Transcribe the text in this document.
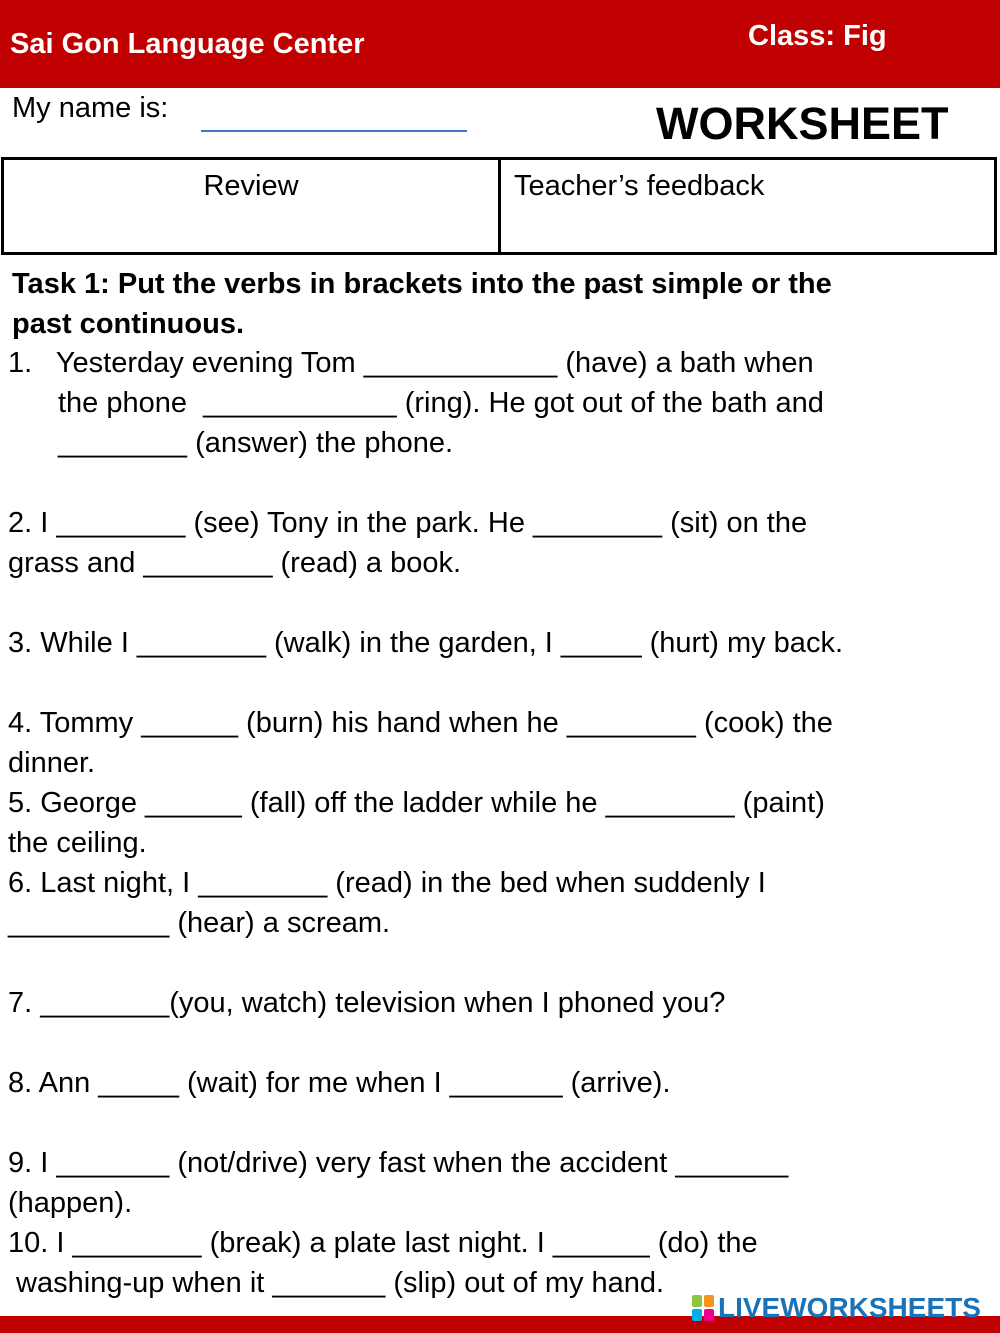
Sai Gon Language Center	Class: Fig
My name is:	WORKSHEET
Review	Teacher’s feedback
Task 1: Put the verbs in brackets into the past simple or the
past continuous.
1.   Yesterday evening Tom ____________ (have) a bath when
the phone  ____________ (ring). He got out of the bath and
________ (answer) the phone.
2. I ________ (see) Tony in the park. He ________ (sit) on the
grass and ________ (read) a book.
3. While I ________ (walk) in the garden, I _____ (hurt) my back.
4. Tommy ______ (burn) his hand when he ________ (cook) the
dinner.
5. George ______ (fall) off the ladder while he ________ (paint)
the ceiling.
6. Last night, I ________ (read) in the bed when suddenly I
__________ (hear) a scream.
7. ________(you, watch) television when I phoned you?
8. Ann _____ (wait) for me when I _______ (arrive).
9. I _______ (not/drive) very fast when the accident _______
(happen).
10. I ________ (break) a plate last night. I ______ (do) the
washing-up when it _______ (slip) out of my hand.
LIVEWORKSHEETS
